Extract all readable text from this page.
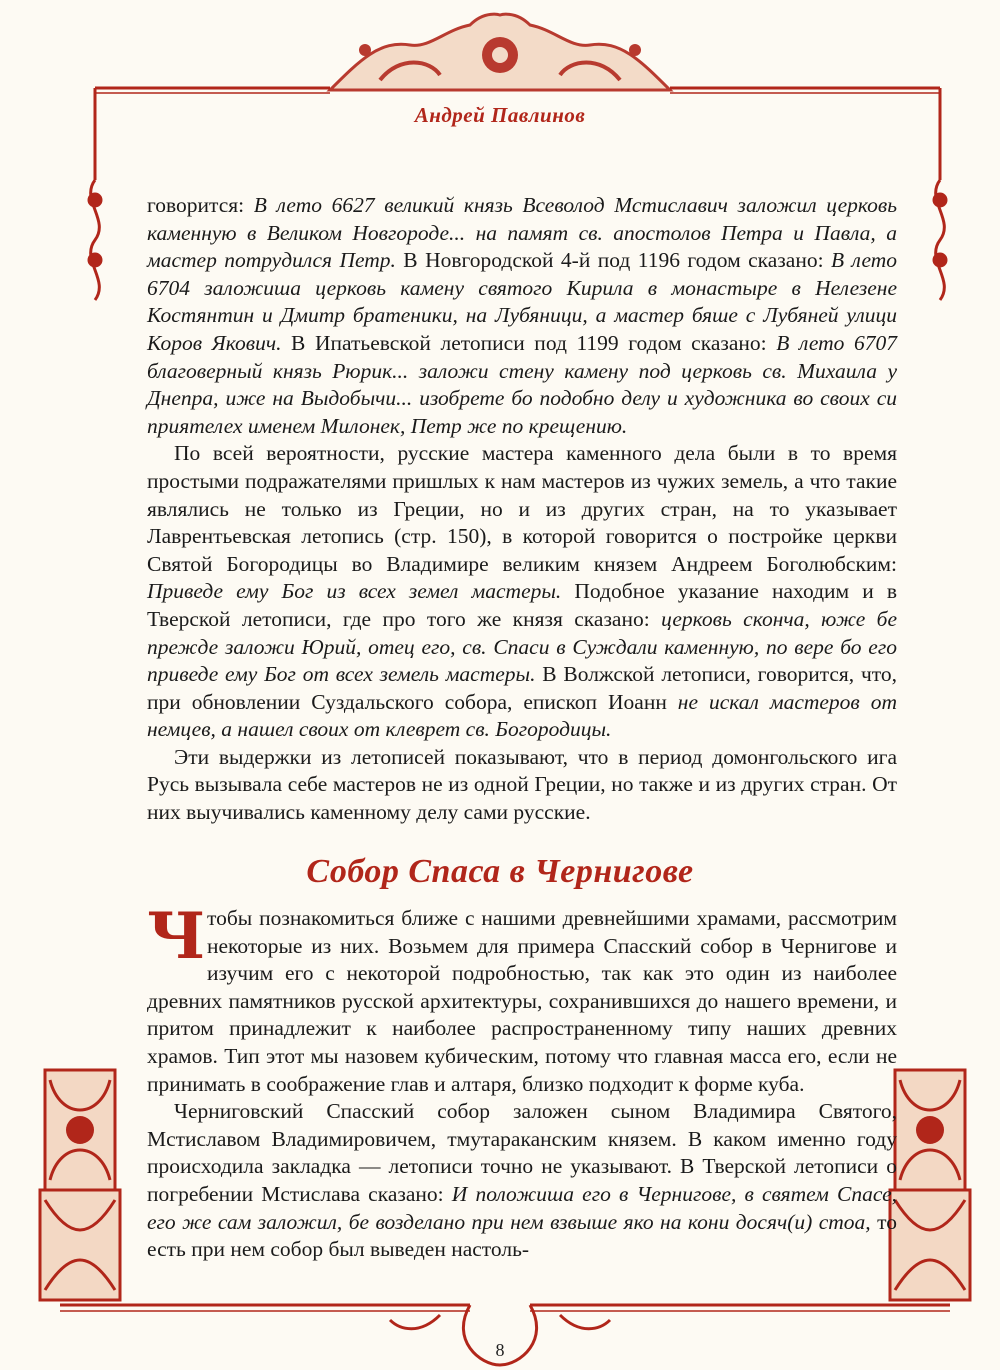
Андрей Павлинов

говорится: В лето 6627 великий князь Всеволод Мстиславич заложил церковь каменную в Великом Новгороде... на памят св. апостолов Петра и Павла, а мастер потрудился Петр. В Новгородской 4-й под 1196 годом сказано: В лето 6704 заложиша церковь камену святого Кирила в монастыре в Нелезене Костянтин и Дмитр братеники, на Лубяници, а мастер бяше с Лубяней улици Коров Якович. В Ипатьевской летописи под 1199 годом сказано: В лето 6707 благоверный князь Рюрик... заложи стену камену под церковь св. Михаила у Днепра, иже на Выдобычи... изобрете бо подобно делу и художника во своих си приятелех именем Милонек, Петр же по крещению.

По всей вероятности, русские мастера каменного дела были в то время простыми подражателями пришлых к нам мастеров из чужих земель, а что такие являлись не только из Греции, но и из других стран, на то указывает Лаврентьевская летопись (стр. 150), в которой говорится о постройке церкви Святой Богородицы во Владимире великим князем Андреем Боголюбским: Приведе ему Бог из всех земел мастеры. Подобное указание находим и в Тверской летописи, где про того же князя сказано: церковь сконча, юже бе прежде заложи Юрий, отец его, св. Спаси в Суждали каменную, по вере бо его приведе ему Бог от всех земель мастеры. В Волжской летописи, говорится, что, при обновлении Суздальского собора, епископ Иоанн не искал мастеров от немцев, а нашел своих от клеврет св. Богородицы.

Эти выдержки из летописей показывают, что в период домонгольского ига Русь вызывала себе мастеров не из одной Греции, но также и из других стран. От них выучивались каменному делу сами русские.

Собор Спаса в Чернигове

Ч тобы познакомиться ближе с нашими древнейшими храмами, рассмотрим некоторые из них. Возьмем для примера Спасский собор в Чернигове и изучим его с некоторой подробностью, так как это один из наиболее древних памятников русской архитектуры, сохранившихся до нашего времени, и притом принадлежит к наиболее распространенному типу наших древних храмов. Тип этот мы назовем кубическим, потому что главная масса его, если не принимать в соображение глав и алтаря, близко подходит к форме куба.

Черниговский Спасский собор заложен сыном Владимира Святого, Мстиславом Владимировичем, тмутараканским князем. В каком именно году происходила закладка — летописи точно не указывают. В Тверской летописи о погребении Мстислава сказано: И положиша его в Чернигове, в святем Спасе, его же сам заложил, бе возделано при нем взвыше яко на кони досяч(и) стоа, то есть при нем собор был выведен настоль-

8
